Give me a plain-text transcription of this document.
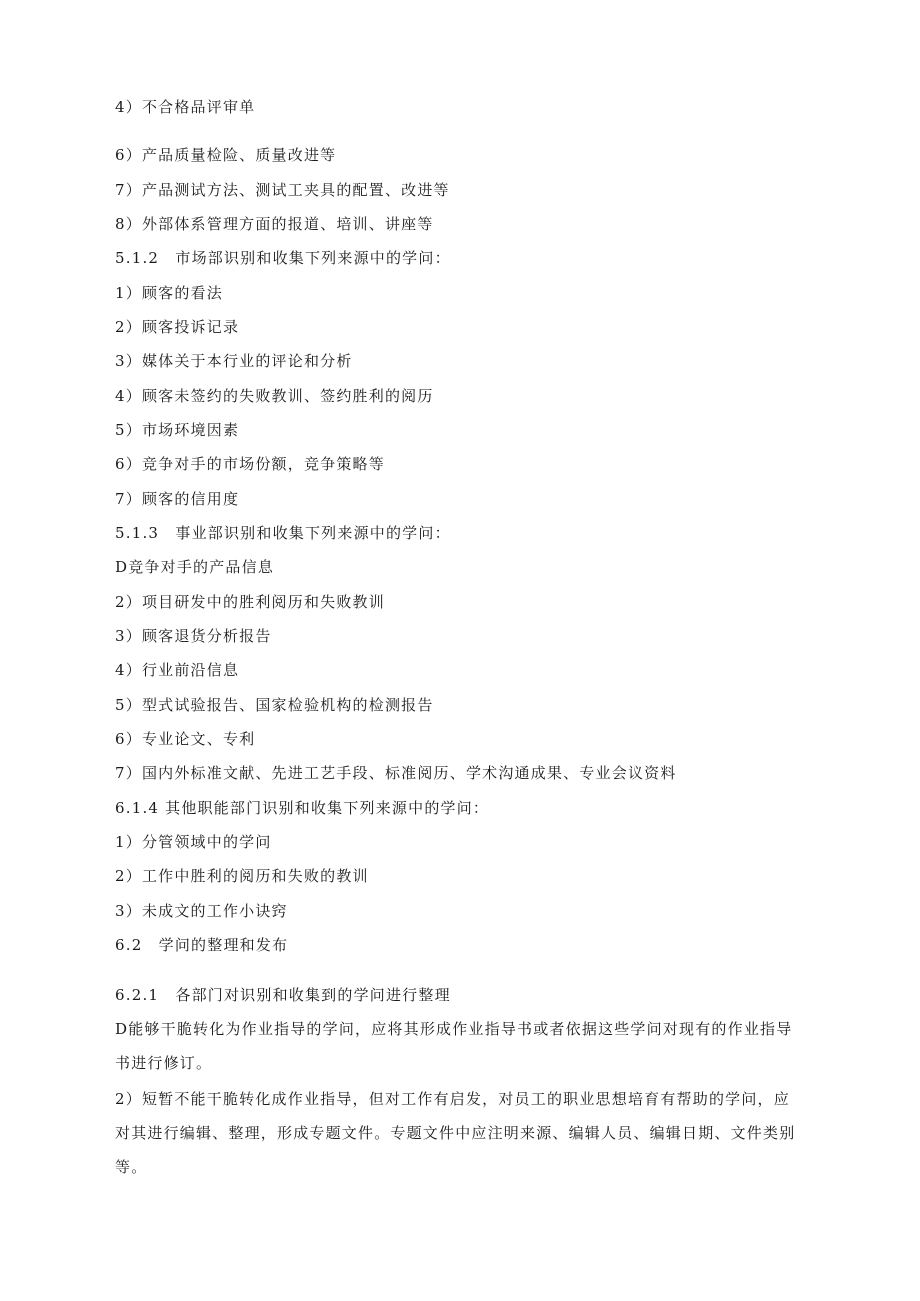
4）不合格品评审单
6）产品质量检险、质量改进等
7）产品测试方法、测试工夹具的配置、改进等
8）外部体系管理方面的报道、培训、讲座等
5.1.2　市场部识别和收集下列来源中的学问：
1）顾客的看法
2）顾客投诉记录
3）媒体关于本行业的评论和分析
4）顾客未签约的失败教训、签约胜利的阅历
5）市场环境因素
6）竞争对手的市场份额，竞争策略等
7）顾客的信用度
5.1.3　事业部识别和收集下列来源中的学问：
D竞争对手的产品信息
2）项目研发中的胜利阅历和失败教训
3）顾客退货分析报告
4）行业前沿信息
5）型式试验报告、国家检验机构的检测报告
6）专业论文、专利
7）国内外标准文献、先进工艺手段、标准阅历、学术沟通成果、专业会议资料
6.1.4 其他职能部门识别和收集下列来源中的学问：
1）分管领域中的学问
2）工作中胜利的阅历和失败的教训
3）未成文的工作小诀窍
6.2　学问的整理和发布
6.2.1　各部门对识别和收集到的学问进行整理
D能够干脆转化为作业指导的学问，应将其形成作业指导书或者依据这些学问对现有的作业指导书进行修订。
2）短暂不能干脆转化成作业指导，但对工作有启发，对员工的职业思想培育有帮助的学问，应对其进行编辑、整理，形成专题文件。专题文件中应注明来源、编辑人员、编辑日期、文件类别等。
